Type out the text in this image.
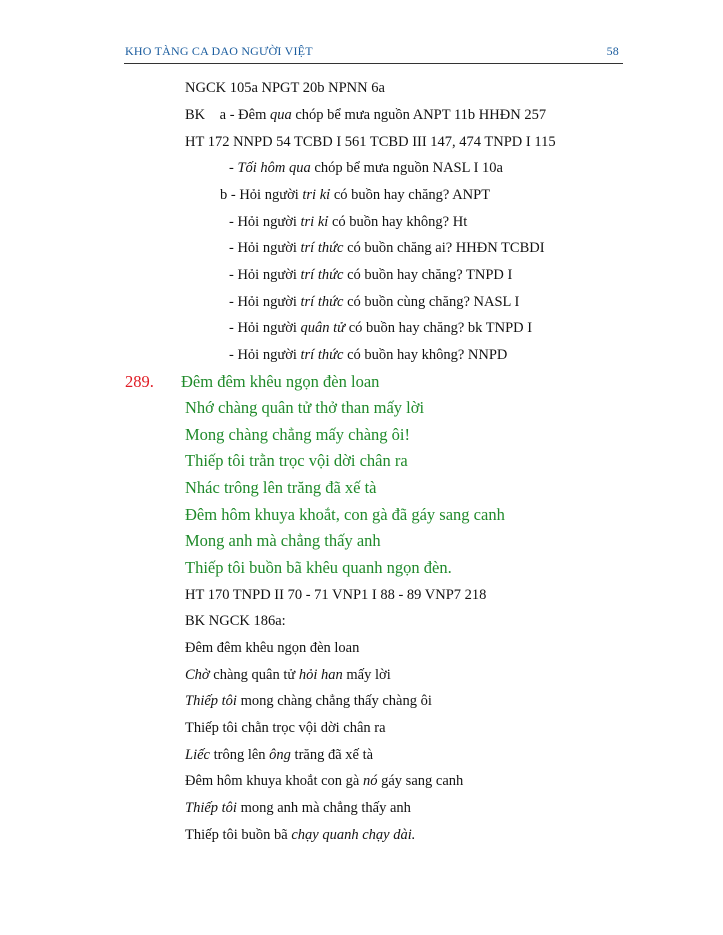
KHO TÀNG CA DAO NGƯỜI VIỆT	58
NGCK 105a NPGT 20b NPNN 6a
BK    a - Đêm qua chóp bể mưa nguồn ANPT 11b HHĐN 257
HT 172 NNPD 54 TCBD I 561 TCBD III 147, 474 TNPD I 115
- Tối hôm qua chóp bể mưa nguồn NASL I 10a
b - Hỏi người tri kỉ có buồn hay chăng? ANPT
- Hỏi người tri kỉ có buồn hay không? Ht
- Hỏi người trí thức có buồn chăng ai? HHĐN TCBDI
- Hỏi người trí thức có buồn hay chăng? TNPD I
- Hỏi người trí thức có buồn cùng chăng? NASL I
- Hỏi người quân tử có buồn hay chăng? bk TNPD I
- Hỏi người trí thức có buồn hay không? NNPD
289. Đêm đêm khêu ngọn đèn loan
Nhớ chàng quân tử thở than mấy lời
Mong chàng chẳng mấy chàng ôi!
Thiếp tôi trằn trọc vội dời chân ra
Nhác trông lên trăng đã xế tà
Đêm hôm khuya khoắt, con gà đã gáy sang canh
Mong anh mà chẳng thấy anh
Thiếp tôi buồn bã khêu quanh ngọn đèn.
HT 170 TNPD II 70 - 71 VNP1 I 88 - 89 VNP7 218
BK NGCK 186a:
Đêm đêm khêu ngọn đèn loan
Chờ chàng quân tử hỏi han mấy lời
Thiếp tôi mong chàng chẳng thấy chàng ôi
Thiếp tôi chằn trọc vội dời chân ra
Liếc trông lên ông trăng đã xế tà
Đêm hôm khuya khoắt con gà nó gáy sang canh
Thiếp tôi mong anh mà chẳng thấy anh
Thiếp tôi buồn bã chạy quanh chạy dài.
